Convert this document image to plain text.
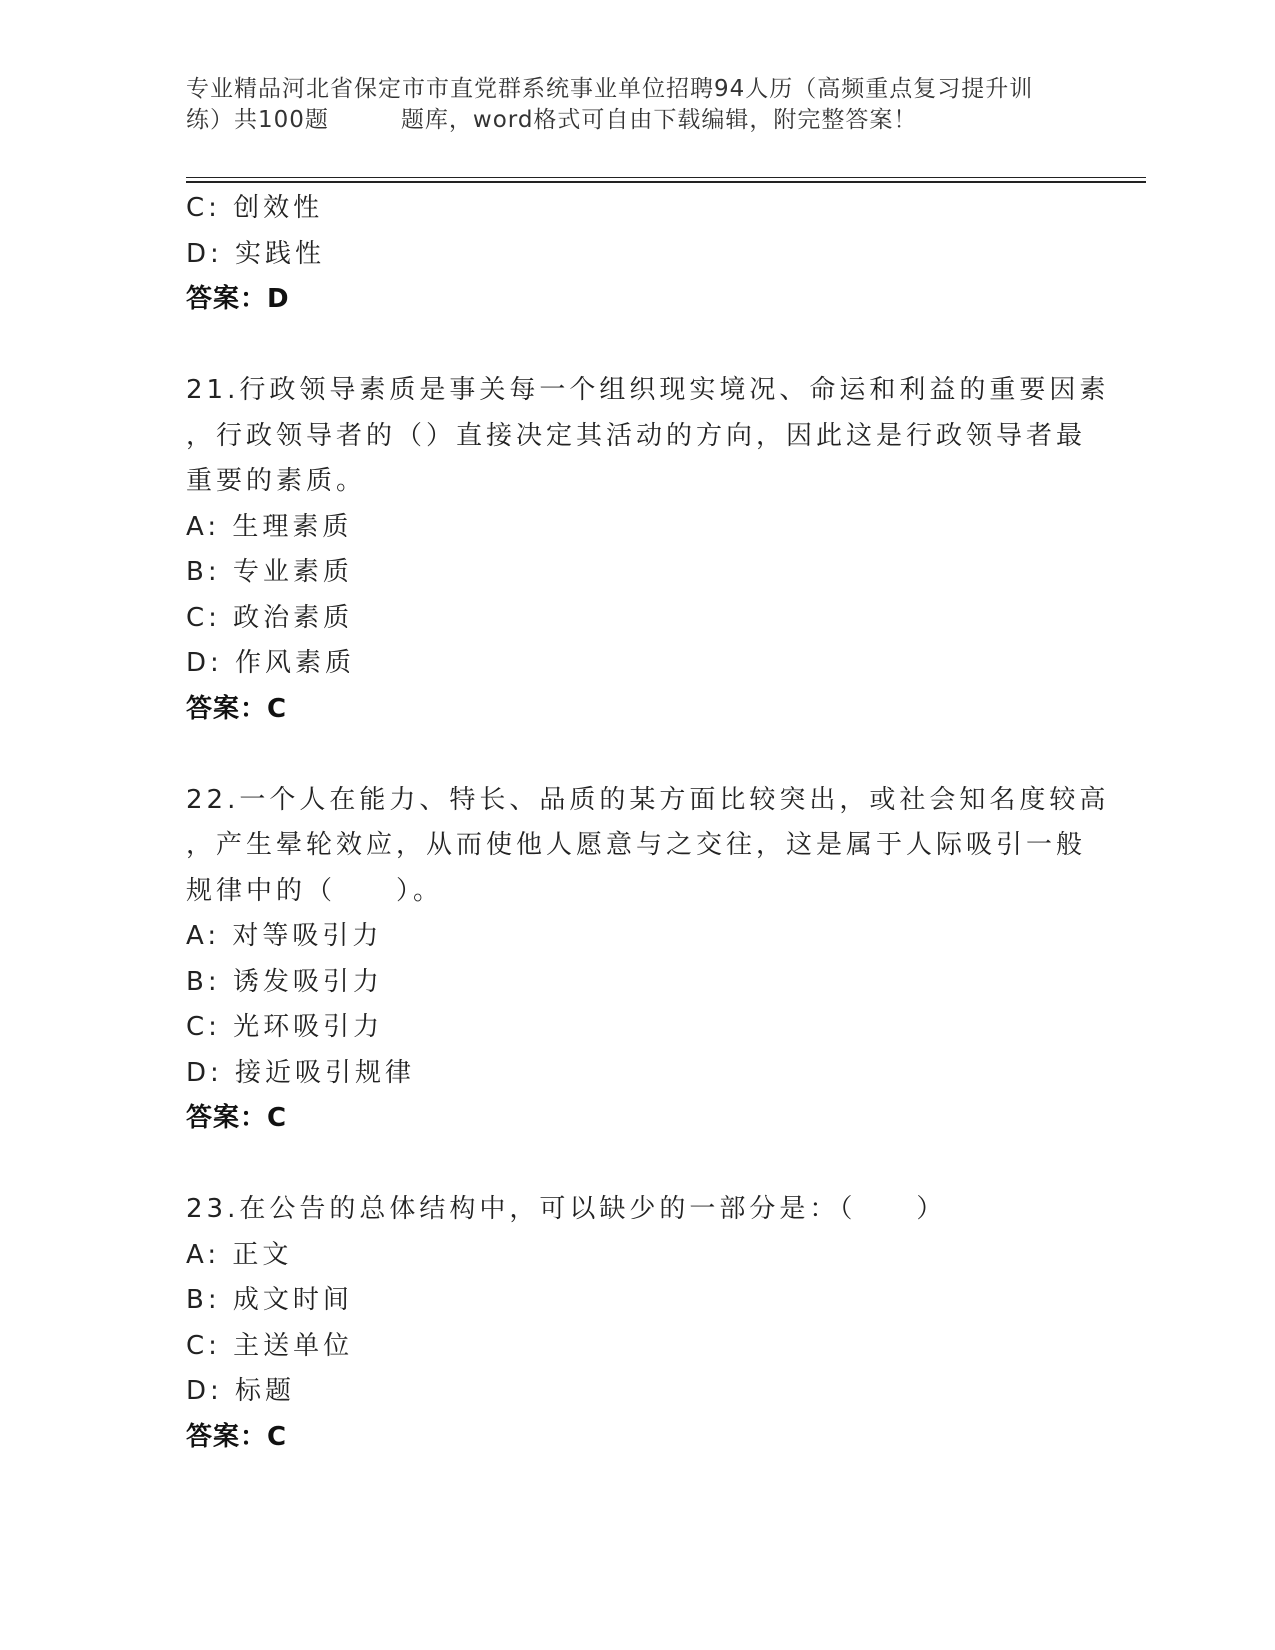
专业精品河北省保定市市直党群系统事业单位招聘94人历（高频重点复习提升训
练）共100题　　　题库，word格式可自由下载编辑，附完整答案！
C: 创效性
D: 实践性
答案：D
21.行政领导素质是事关每一个组织现实境况、命运和利益的重要因素
，行政领导者的（）直接决定其活动的方向，因此这是行政领导者最
重要的素质。
A: 生理素质
B: 专业素质
C: 政治素质
D: 作风素质
答案：C
22.一个人在能力、特长、品质的某方面比较突出，或社会知名度较高
，产生晕轮效应，从而使他人愿意与之交往，这是属于人际吸引一般
规律中的（　　）。
A: 对等吸引力
B: 诱发吸引力
C: 光环吸引力
D: 接近吸引规律
答案：C
23.在公告的总体结构中，可以缺少的一部分是：（　　）
A: 正文
B: 成文时间
C: 主送单位
D: 标题
答案：C
